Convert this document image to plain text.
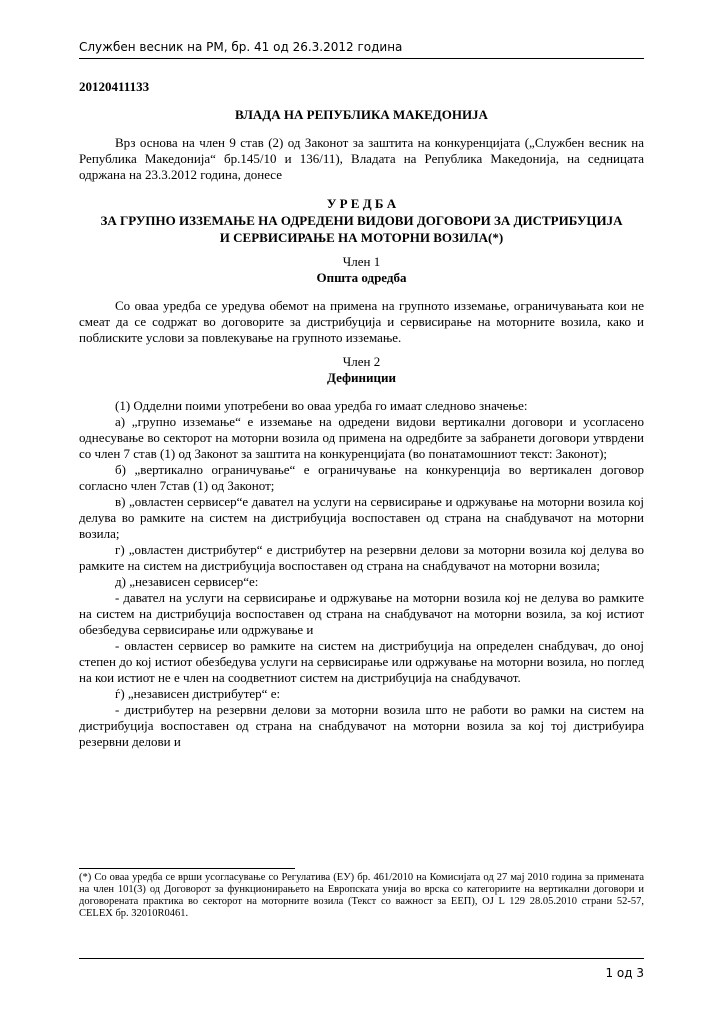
Службен весник на РМ, бр. 41 од 26.3.2012 година
20120411133

ВЛАДА НА РЕПУБЛИКА МАКЕДОНИЈА

Врз основа на член 9 став (2) од Законот за заштита на конкуренцијата („Службен весник на Република Македонија“ бр.145/10 и 136/11), Владата на Република Македонија, на седницата одржана на 23.3.2012 година, донесе

У Р Е Д Б А

ЗА ГРУПНО ИЗЗЕМАЊЕ НА ОДРЕДЕНИ ВИДОВИ ДОГОВОРИ ЗА ДИСТРИБУЦИЈА

И СЕРВИСИРАЊЕ НА МОТОРНИ ВОЗИЛА(*)

Член 1

Општа одредба

Со оваа уредба се уредува обемот на примена на групното изземање, ограничувањата кои не смеат да се содржат во договорите за дистрибуција и сервисирање на моторните возила, како и поблиските услови за повлекување на групното изземање.

Член 2

Дефиниции

(1) Одделни поими употребени во оваа уредба го имаат следново значење:

а) „групно изземање“ е изземање на одредени видови вертикални договори и усогласено однесување во секторот на моторни возила од примена на одредбите за забранети договори утврдени со член 7 став (1) од Законот за заштита на конкуренцијата (во понатамошниот текст: Законот);

б) „вертикално ограничување“ е ограничување на конкуренција во вертикален договор согласно член 7став (1) од Законот;

в) „овластен сервисер“е давател на услуги на сервисирање и одржување на моторни возила кој делува во рамките на систем на дистрибуција воспоставен од страна на снабдувачот на моторни возила;

г) „овластен дистрибутер“ е дистрибутер на резервни делови за моторни возила кој делува во рамките на систем на дистрибуција воспоставен од страна на снабдувачот на моторни возила;

д) „независен сервисер“е:

- давател на услуги на сервисирање и одржување на моторни возила кој не делува во рамките на систем на дистрибуција воспоставен од страна на снабдувачот на моторни возила, за кој истиот обезбедува сервисирање или одржување и

- овластен сервисер во рамките на систем на дистрибуција на определен снабдувач, до оној степен до кој истиот обезбедува услуги на сервисирање или одржување на моторни возила, но поглед на кои истиот не е член на соодветниот систем на дистрибуција на снабдувачот.

ѓ) „независен дистрибутер“ е:

- дистрибутер на резервни делови за моторни возила што не работи во рамки на систем на дистрибуција воспоставен од страна на снабдувачот на моторни возила за кој тој дистрибуира резервни делови и

(*) Со оваа уредба се врши усогласување со Регулатива (ЕУ) бр. 461/2010 на Комисијата од 27 мај 2010 година за примената на член 101(3) од Договорот за функционирањето на Европската унија во врска со категориите на вертикални договори и договорената практика во секторот на моторните возила (Текст со важност за ЕЕП), OJ L 129 28.05.2010 страни 52-57, CELEX бр. 32010R0461.

1 од 3
